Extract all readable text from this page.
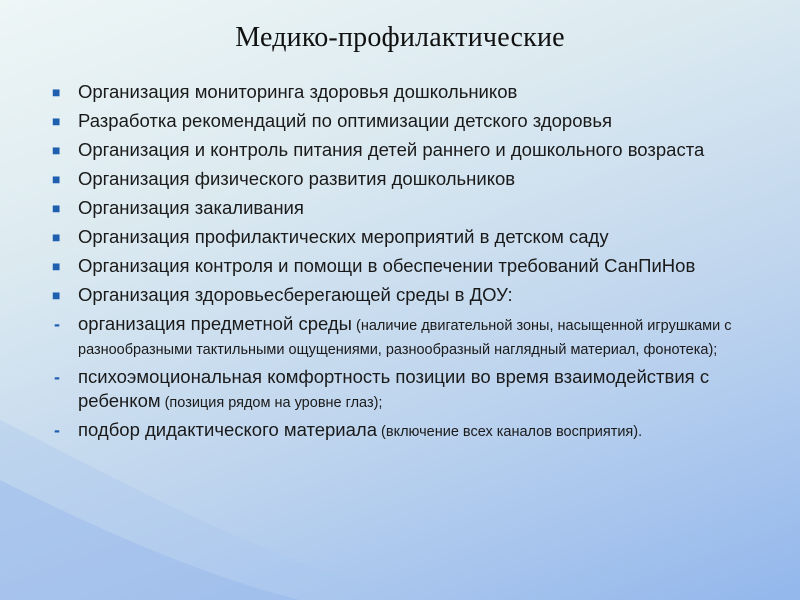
Медико-профилактические
■ Организация мониторинга здоровья дошкольников
■ Разработка рекомендаций по оптимизации детского здоровья
■ Организация и контроль питания детей раннего и дошкольного возраста
■ Организация физического развития дошкольников
■ Организация закаливания
■ Организация профилактических мероприятий в детском саду
■ Организация контроля и помощи в обеспечении требований СанПиНов
■ Организация здоровьесберегающей среды в ДОУ:
- организация предметной среды (наличие двигательной зоны, насыщенной игрушками с разнообразными тактильными ощущениями, разнообразный наглядный материал, фонотека);
- психоэмоциональная комфортность позиции во время взаимодействия с ребенком (позиция рядом на уровне глаз);
- подбор дидактического материала (включение всех каналов восприятия).
